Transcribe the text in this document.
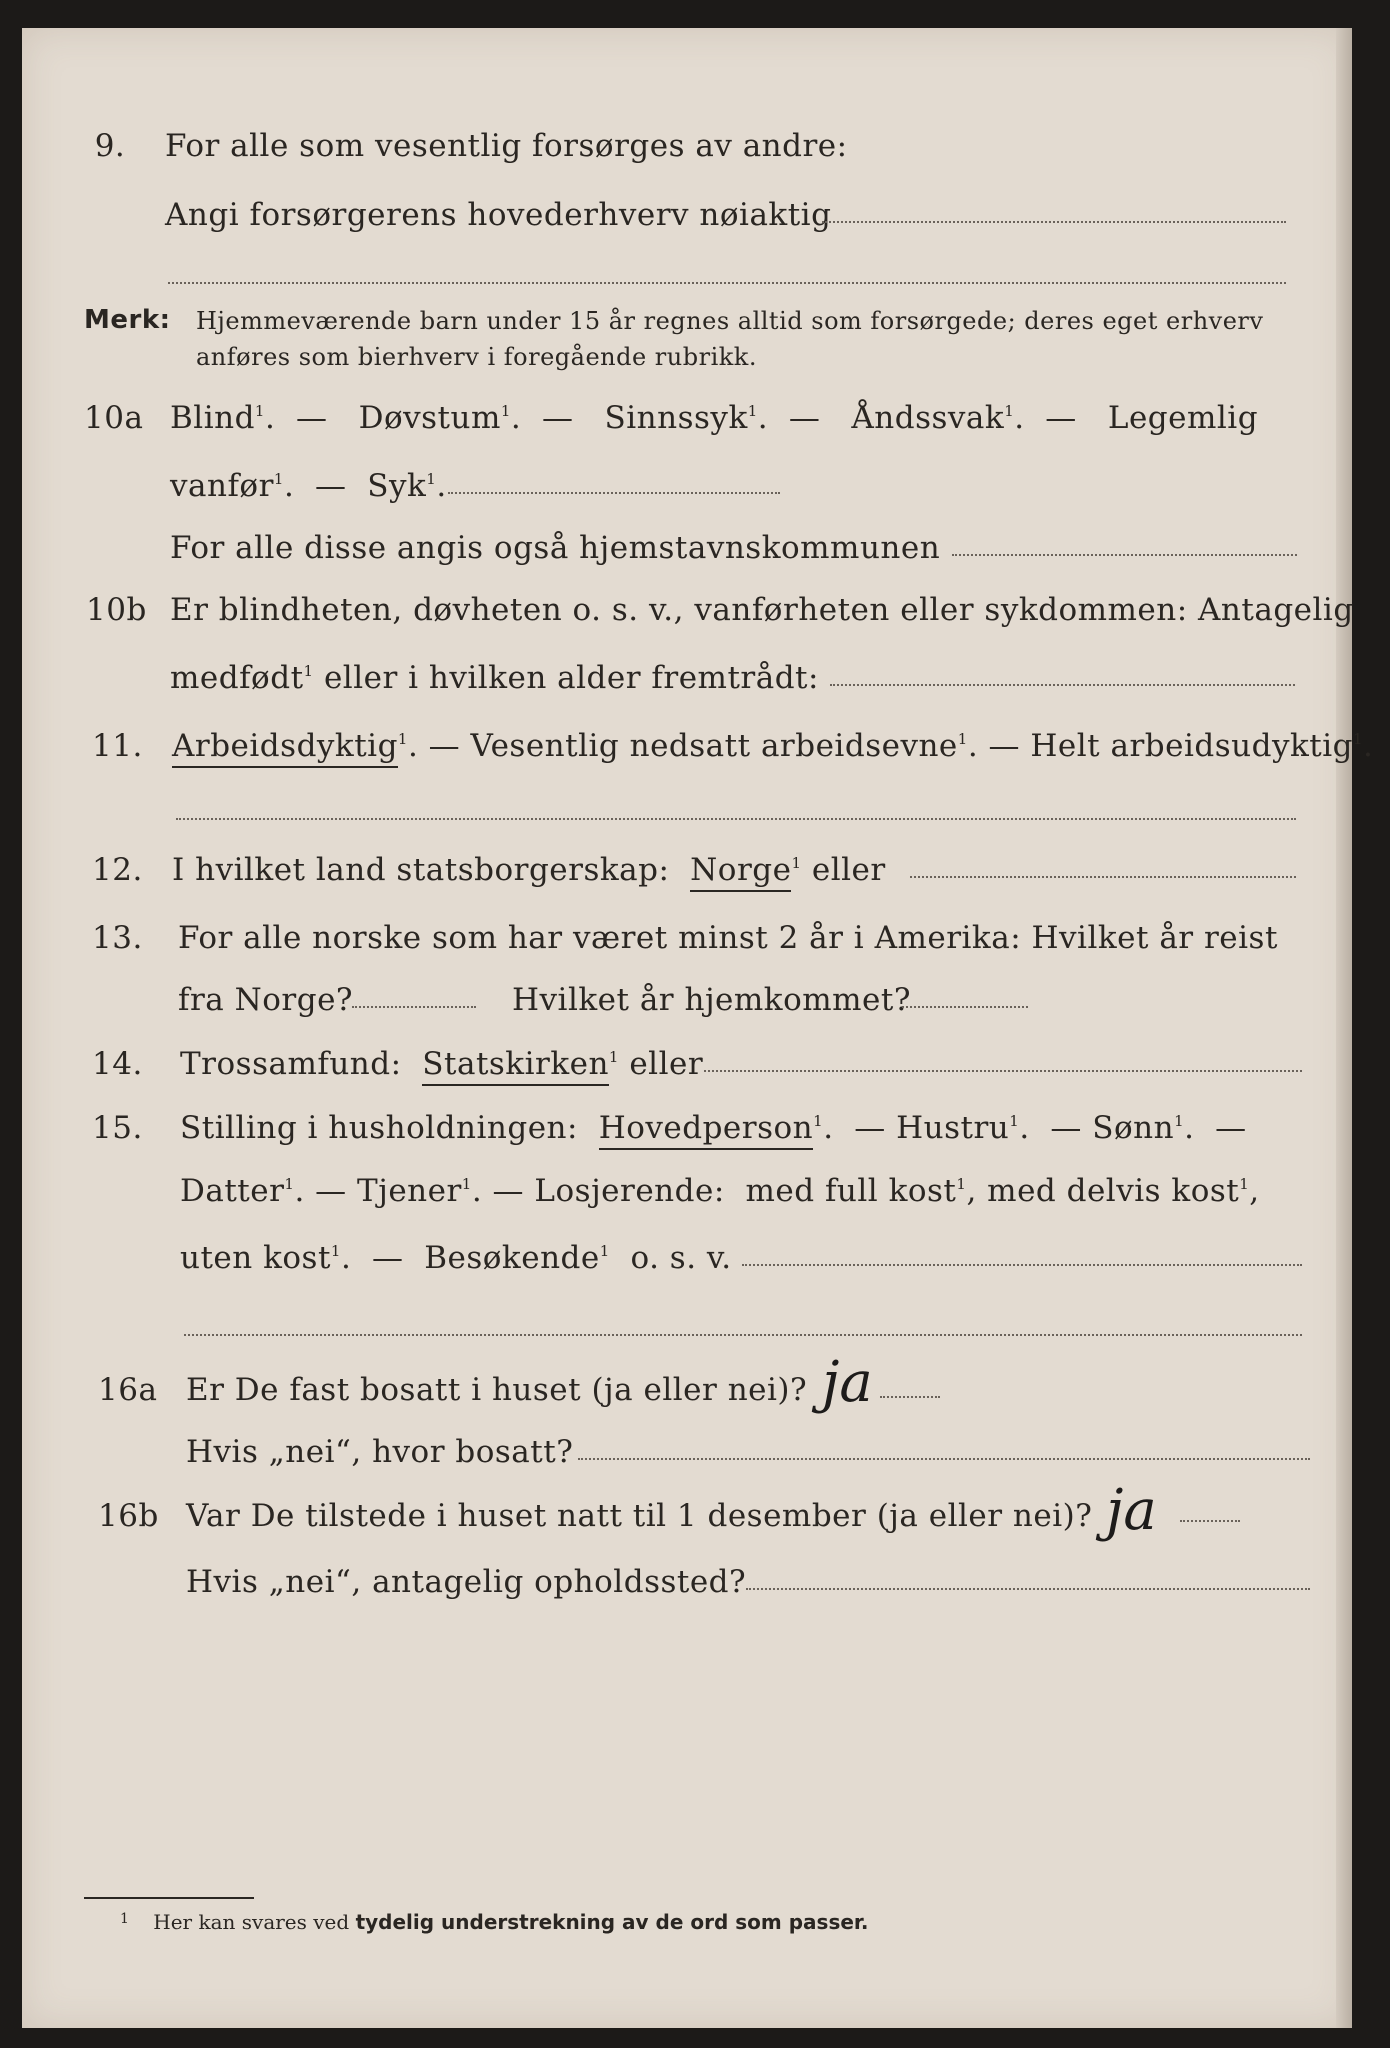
9.	For alle som vesentlig forsørges av andre:
Angi forsørgerens hovederhverv nøiaktig
Merk: Hjemmeværende barn under 15 år regnes alltid som forsørgede; deres eget erhverv
anføres som bierhverv i foregående rubrikk.
10a Blind$^1$.  —   Døvstum$^1$.  —   Sinnssyk$^1$.  —   Åndssvak$^1$.  —   Legemlig
vanfør$^1$.  —  Syk$^1$.
For alle disse angis også hjemstavnskommunen
10b Er blindheten, døvheten o. s. v., vanførheten eller sykdommen: Antagelig
medfødt$^1$ eller i hvilken alder fremtrådt:
11. Arbeidsdyktig$^1$. — Vesentlig nedsatt arbeidsevne$^1$. — Helt arbeidsudyktig$^1$.
12. I hvilket land statsborgerskap: Norge$^1$ eller
13. For alle norske som har været minst 2 år i Amerika: Hvilket år reist
fra Norge?	Hvilket år hjemkommet?
14. Trossamfund: Statskirken$^1$ eller
15. Stilling i husholdningen: Hovedperson$^1$.  — Hustru$^1$.  — Sønn$^1$.  —
Datter$^1$. — Tjener$^1$. — Losjerende: med full kost$^1$, med delvis kost$^1$,
uten kost$^1$.  —  Besøkende$^1$ o. s. v.
16a Er De fast bosatt i huset (ja eller nei)? ja
Hvis „nei“, hvor bosatt?
16b Var De tilstede i huset natt til 1 desember (ja eller nei)? ja
Hvis „nei“, antagelig opholdssted?
$^1$ Her kan svares ved tydelig understrekning av de ord som passer.
